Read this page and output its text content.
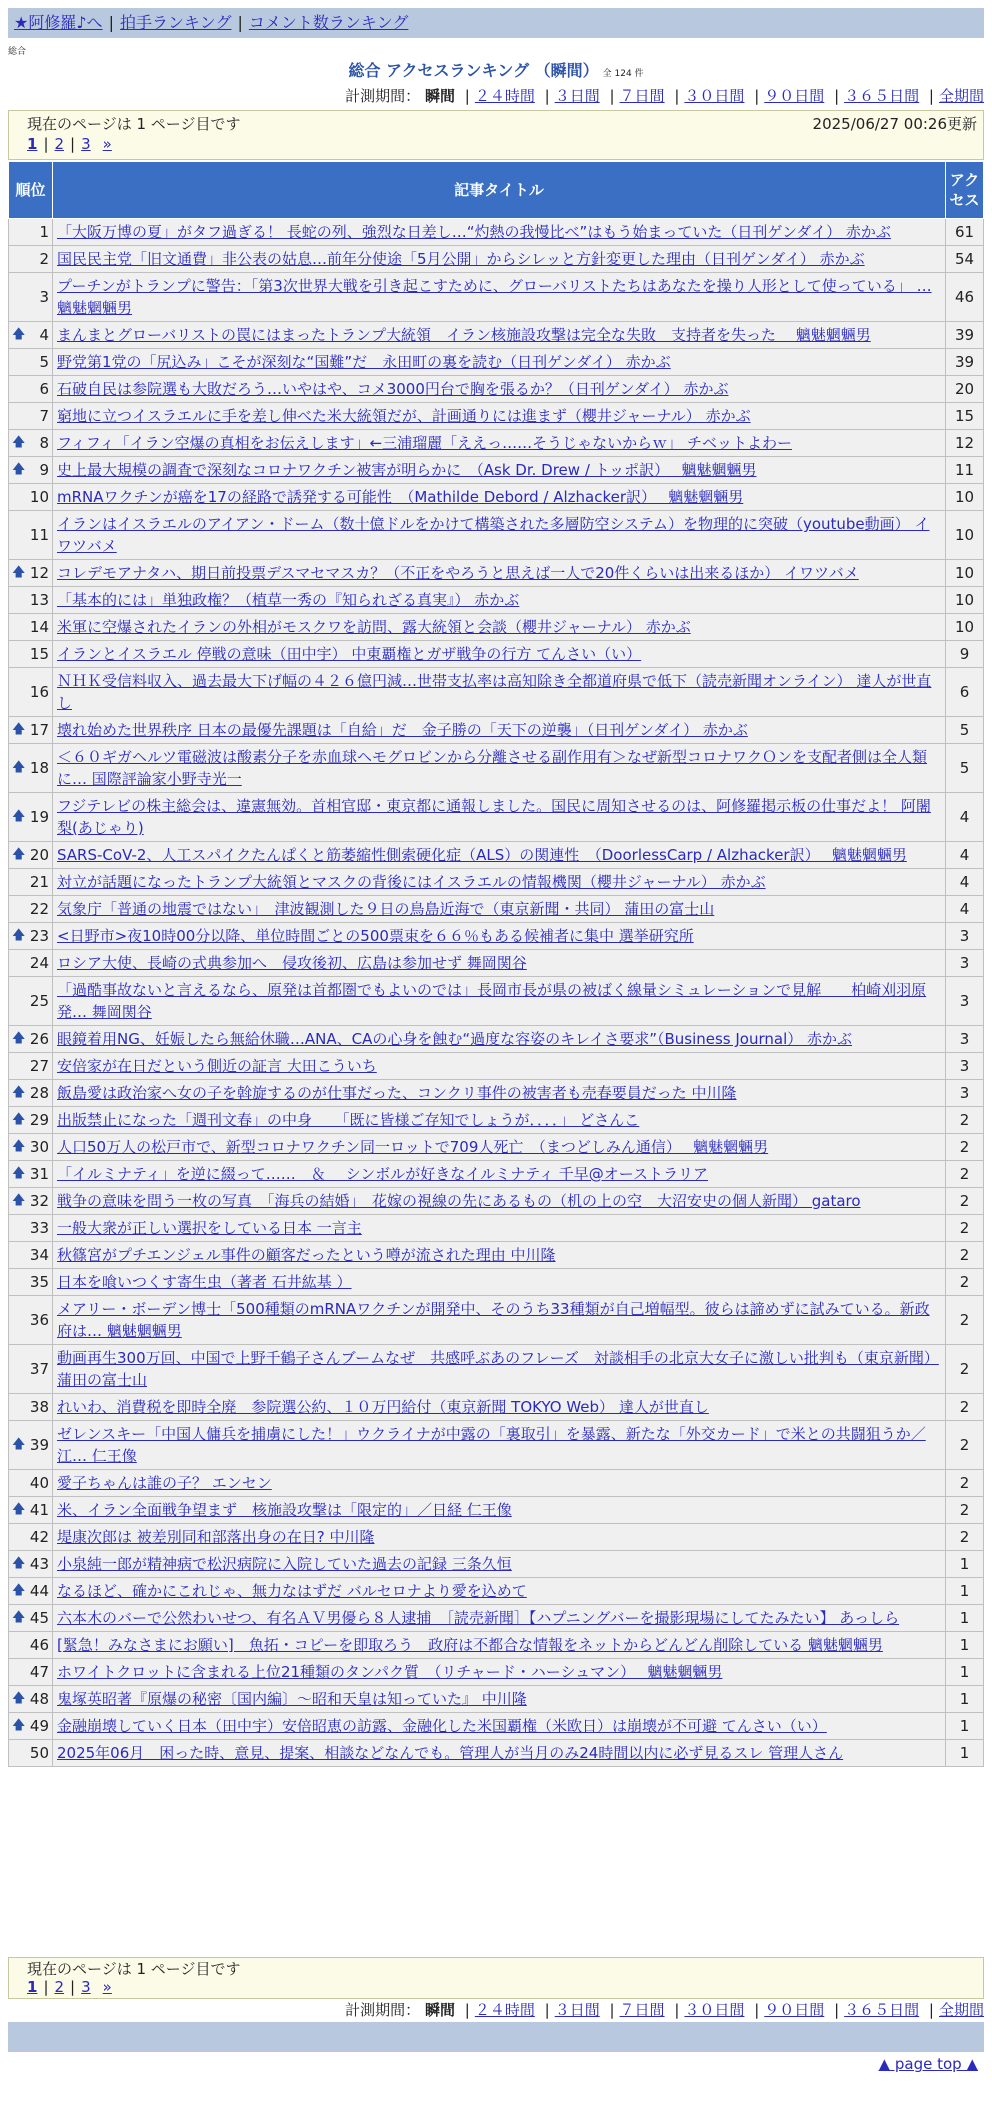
★阿修羅♪へ | 拍手ランキング | コメント数ランキング
総合
総合 アクセスランキング （瞬間） 全 124 件
計測期間： 瞬間 | ２４時間 | ３日間 | ７日間 | ３０日間 | ９０日間 | ３６５日間 | 全期間
現在のページは 1 ページ目です	2025/06/27 00:26更新
1 | 2 | 3 »
順位	記事タイトル	アクセス
1	「大阪万博の夏」がタフ過ぎる！ 長蛇の列、強烈な日差し…“灼熱の我慢比べ”はもう始まっていた（日刊ゲンダイ） 赤かぶ	61
2	国民民主党「旧文通費」非公表の姑息…前年分使途「5月公開」からシレッと方針変更した理由（日刊ゲンダイ） 赤かぶ	54
3	プーチンがトランプに警告：「第3次世界大戦を引き起こすために、グローバリストたちはあなたを操り人形として使っている」 … 魑魅魍魎男	46

🡅 4	まんまとグローバリストの罠にはまったトランプ大統領　イラン核施設攻撃は完全な失敗　支持者を失った　 魑魅魍魎男	39
5	野党第1党の「尻込み」こそが深刻な“国難”だ　永田町の裏を読む（日刊ゲンダイ） 赤かぶ	39
6	石破自民は参院選も大敗だろう…いやはや、コメ3000円台で胸を張るか？（日刊ゲンダイ） 赤かぶ	20
7	窮地に立つイスラエルに手を差し伸べた米大統領だが、計画通りには進まず（櫻井ジャーナル） 赤かぶ	15

🡅 8	フィフィ「イラン空爆の真相をお伝えします」←三浦瑠麗「ええっ……そうじゃないからｗ」 チベットよわー	12

🡅 9	史上最大規模の調査で深刻なコロナワクチン被害が明らかに　（Ask Dr. Drew / トッポ訳）　 魑魅魍魎男	11
10	mRNAワクチンが癌を17の経路で誘発する可能性　（Mathilde Debord / Alzhacker訳）　 魑魅魍魎男	10
11	イランはイスラエルのアイアン・ドーム（数十億ドルをかけて構築された多層防空システム）を物理的に突破（youtube動画） イワツバメ	10

🡅 12	コレデモアナタハ、期日前投票デスマセマスカ？（不正をやろうと思えば一人で20件くらいは出来るほか） イワツバメ	10
13	「基本的には」単独政権？（植草一秀の『知られざる真実』） 赤かぶ	10
14	米軍に空爆されたイランの外相がモスクワを訪問、露大統領と会談（櫻井ジャーナル） 赤かぶ	10
15	イランとイスラエル 停戦の意味（田中宇） 中東覇権とガザ戦争の行方 てんさい（い）	9
16	ＮＨＫ受信料収入、過去最大下げ幅の４２６億円減…世帯支払率は高知除き全都道府県で低下（読売新聞オンライン） 達人が世直し	6

🡅 17	壊れ始めた世界秩序 日本の最優先課題は「自給」だ　金子勝の「天下の逆襲」（日刊ゲンダイ） 赤かぶ	5

🡅 18	＜６０ギガヘルツ電磁波は酸素分子を赤血球ヘモグロビンから分離させる副作用有＞なぜ新型コロナワクＯンを支配者側は全人類に… 国際評論家小野寺光一	5

🡅 19	フジテレビの株主総会は、違憲無効。首相官邸・東京都に通報しました。国民に周知させるのは、阿修羅掲示板の仕事だよ！ 阿闍梨(あじゃり)	4

🡅 20	SARS-CoV-2、人工スパイクたんぱくと筋萎縮性側索硬化症（ALS）の関連性　（DoorlessCarp / Alzhacker訳）　 魑魅魍魎男	4
21	対立が話題になったトランプ大統領とマスクの背後にはイスラエルの情報機関（櫻井ジャーナル） 赤かぶ	4
22	気象庁「普通の地震ではない」　津波観測した９日の鳥島近海で（東京新聞・共同） 蒲田の富士山	4

🡅 23	<日野市>夜10時00分以降、単位時間ごとの500票束を６６％もある候補者に集中 選挙研究所	3
24	ロシア大使、長崎の式典参加へ　侵攻後初、広島は参加せず 舞岡関谷	3
25	「過酷事故ないと言えるなら、原発は首都圏でもよいのでは」長岡市長が県の被ばく線量シミュレーションで見解　　柏崎刈羽原発… 舞岡関谷	3

🡅 26	眼鏡着用NG、妊娠したら無給休職…ANA、CAの心身を蝕む“過度な容姿のキレイさ要求”（Business Journal） 赤かぶ	3
27	安倍家が在日だという側近の証言 大田こういち	3

🡅 28	飯島愛は政治家へ女の子を斡旋するのが仕事だった、コンクリ事件の被害者も売春要員だった 中川隆	3

🡅 29	出版禁止になった「週刊文春」の中身　　「既に皆様ご存知でしょうが．．．．」 どさんこ	2

🡅 30	人口50万人の松戸市で、新型コロナワクチン同一ロットで709人死亡　（まつどしみん通信）　 魑魅魍魎男	2

🡅 31	「イルミナティ」を逆に綴って……　＆　 シンボルが好きなイルミナティ 千早@オーストラリア	2

🡅 32	戦争の意味を問う一枚の写真　「海兵の結婚」　花嫁の視線の先にあるもの（机の上の空　大沼安史の個人新聞） gataro	2
33	一般大衆が正しい選択をしている日本 一言主	2
34	秋篠宮がプチエンジェル事件の顧客だったという噂が流された理由 中川隆	2
35	日本を喰いつくす寄生虫（著者 石井紘基 ）	2
36	メアリー・ボーデン博士「500種類のmRNAワクチンが開発中、そのうち33種類が自己増幅型。彼らは諦めずに試みている。新政府は… 魑魅魍魎男	2
37	動画再生300万回、中国で上野千鶴子さんブームなぜ　共感呼ぶあのフレーズ　対談相手の北京大女子に激しい批判も（東京新聞） 蒲田の富士山	2
38	れいわ、消費税を即時全廃　参院選公約、１０万円給付（東京新聞 TOKYO Web） 達人が世直し	2

🡅 39	ゼレンスキー「中国人傭兵を捕虜にした！」ウクライナが中露の「裏取引」を暴露、新たな「外交カード」で米との共闘狙うか／江… 仁王像	2
40	愛子ちゃんは誰の子？ エンセン	2

🡅 41	米、イラン全面戦争望まず　核施設攻撃は「限定的」／日経 仁王像	2
42	堤康次郎は 被差別同和部落出身の在日? 中川隆	2

🡅 43	小泉純一郎が精神病で松沢病院に入院していた過去の記録 三条久恒	1

🡅 44	なるほど、確かにこれじゃ、無力なはずだ バルセロナより愛を込めて	1

🡅 45	六本木のバーで公然わいせつ、有名ＡＶ男優ら８人逮捕　［読売新聞］【ハプニングバーを撮影現場にしてたみたい】 あっしら	1
46	[緊急！みなさまにお願い]　魚拓・コピーを即取ろう　政府は不都合な情報をネットからどんどん削除している 魑魅魍魎男	1
47	ホワイトクロットに含まれる上位21種類のタンパク質　（リチャード・ハーシュマン）　 魑魅魍魎男	1

🡅 48	鬼塚英昭著『原爆の秘密〔国内編〕～昭和天皇は知っていた』 中川隆	1

🡅 49	金融崩壊していく日本（田中宇）安倍昭恵の訪露、金融化した米国覇権（米欧日）は崩壊が不可避 てんさい（い）	1
50	2025年06月　困った時、意見、提案、相談などなんでも。管理人が当月のみ24時間以内に必ず見るスレ 管理人さん	1
現在のページは 1 ページ目です
1 | 2 | 3 »
計測期間： 瞬間 | ２４時間 | ３日間 | ７日間 | ３０日間 | ９０日間 | ３６５日間 | 全期間
▲ page top ▲
